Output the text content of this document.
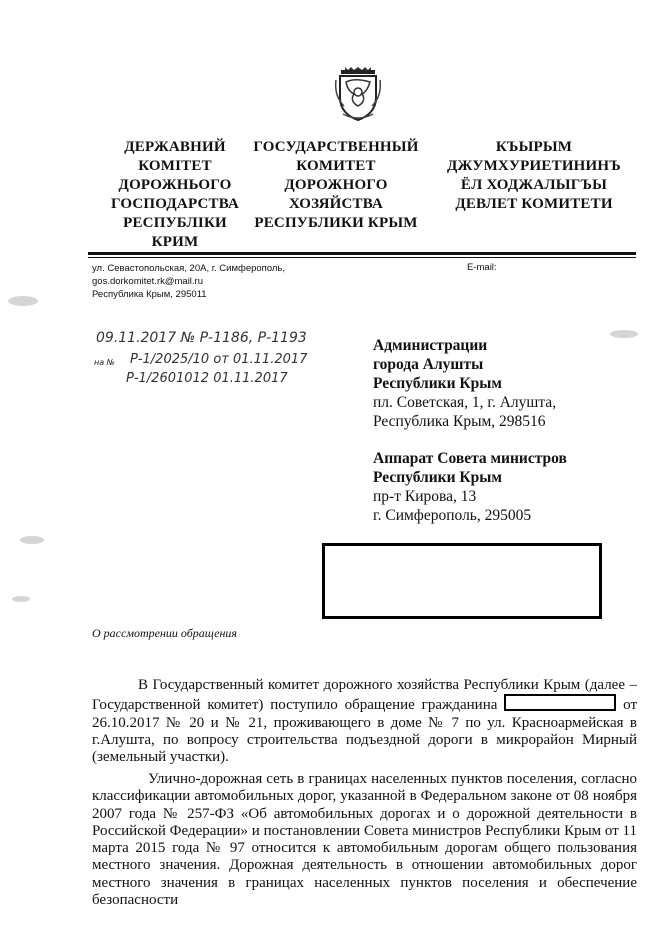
ДЕРЖАВНИЙ
КОМІТЕТ
ДОРОЖНЬОГО
ГОСПОДАРСТВА
РЕСПУБЛІКИ
КРИМ
ГОСУДАРСТВЕННЫЙ
КОМИТЕТ
ДОРОЖНОГО
ХОЗЯЙСТВА
РЕСПУБЛИКИ КРЫМ
КЪЫРЫМ
ДЖУМХУРИЕТИНИНЪ
ЁЛ ХОДЖАЛЫГЪЫ
ДЕВЛЕТ КОМИТЕТИ
ул. Севастопольская, 20А, г. Симферополь,
gos.dorkomitet.rk@mail.ru
Республика Крым, 295011
E-mail:
09.11.2017 № Р-1186, Р-1193
на № Р-1/2025/10 от 01.11.2017
Р-1/2601012 01.11.2017
Администрации
города Алушты
Республики Крым
пл. Советская, 1, г. Алушта,
Республика Крым, 298516
Аппарат Совета министров
Республики Крым
пр-т Кирова, 13
г. Симферополь, 295005
О рассмотрении обращения
В Государственный комитет дорожного хозяйства Республики Крым (далее – Государственной комитет) поступило обращение гражданина	от 26.10.2017 № 20 и № 21, проживающего в доме № 7 по ул. Красноармейская в г.Алушта, по вопросу строительства подъездной дороги в микрорайон Мирный (земельный участки).
Улично-дорожная сеть в границах населенных пунктов поселения, согласно классификации автомобильных дорог, указанной в Федеральном законе от 08 ноября 2007 года № 257-ФЗ «Об автомобильных дорогах и о дорожной деятельности в Российской Федерации» и постановлении Совета министров Республики Крым от 11 марта 2015 года № 97 относится к автомобильным дорогам общего пользования местного значения. Дорожная деятельность в отношении автомобильных дорог местного значения в границах населенных пунктов поселения и обеспечение безопасности
